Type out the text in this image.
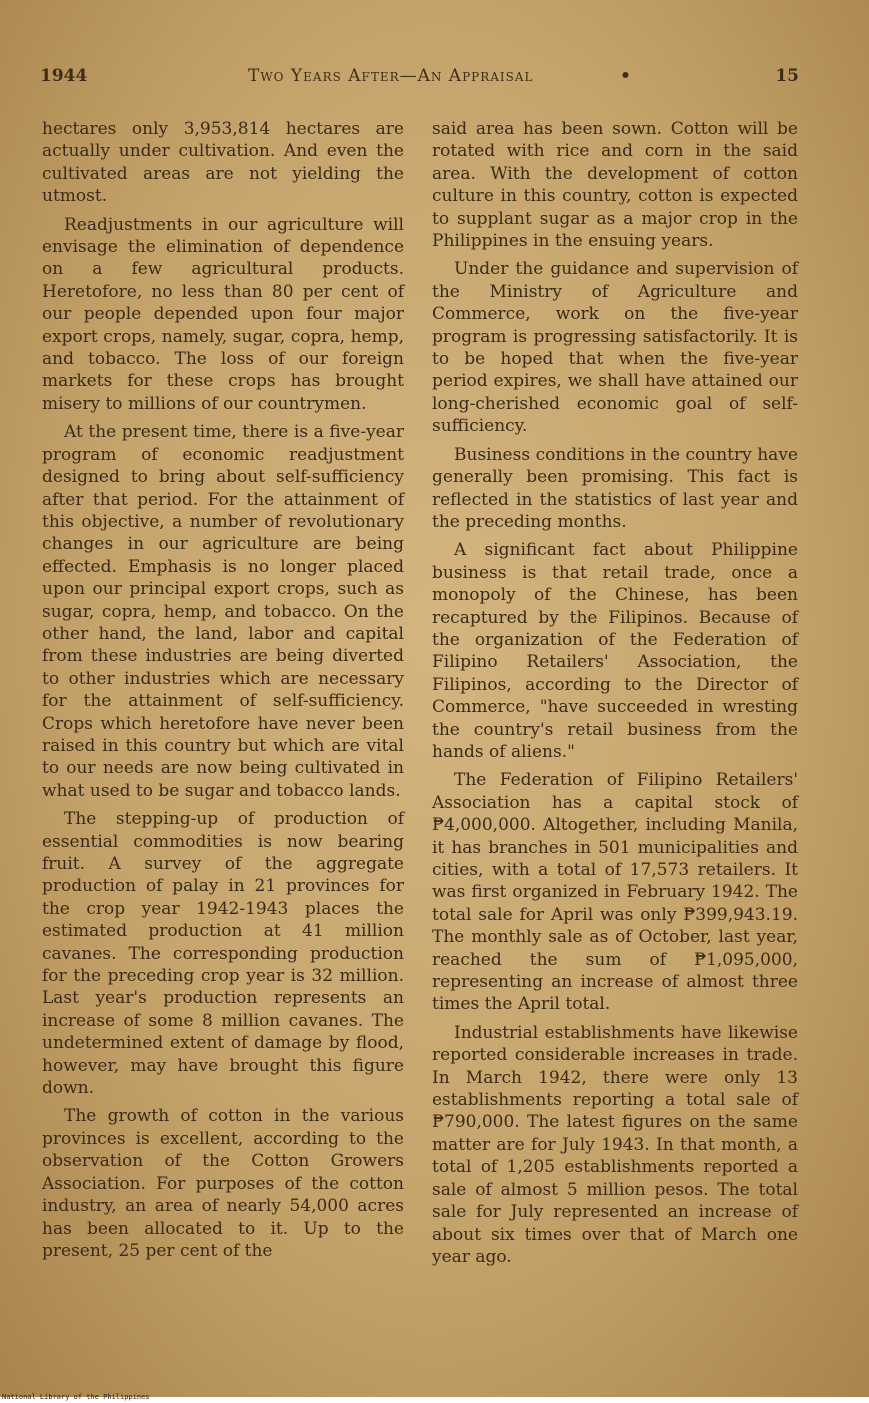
1944	Two Years After—An Appraisal	•	15

hectares only 3,953,814 hectares are actually under cultivation. And even the cultivated areas are not yielding the utmost.

Readjustments in our agriculture will envisage the elimination of dependence on a few agricultural products. Heretofore, no less than 80 per cent of our people depended upon four major export crops, namely, sugar, copra, hemp, and tobacco. The loss of our foreign markets for these crops has brought misery to millions of our countrymen.

At the present time, there is a five-year program of economic readjustment designed to bring about self-sufficiency after that period. For the attainment of this objective, a number of revolutionary changes in our agriculture are being effected. Emphasis is no longer placed upon our principal export crops, such as sugar, copra, hemp, and tobacco. On the other hand, the land, labor and capital from these industries are being diverted to other industries which are necessary for the attainment of self-sufficiency. Crops which heretofore have never been raised in this country but which are vital to our needs are now being cultivated in what used to be sugar and tobacco lands.

The stepping-up of production of essential commodities is now bearing fruit. A survey of the aggregate production of palay in 21 provinces for the crop year 1942-1943 places the estimated production at 41 million cavanes. The corresponding production for the preceding crop year is 32 million. Last year's production represents an increase of some 8 million cavanes. The undetermined extent of damage by flood, however, may have brought this figure down.

The growth of cotton in the various provinces is excellent, according to the observation of the Cotton Growers Association. For purposes of the cotton industry, an area of nearly 54,000 acres has been allocated to it. Up to the present, 25 per cent of the

said area has been sown. Cotton will be rotated with rice and corn in the said area. With the development of cotton culture in this country, cotton is expected to supplant sugar as a major crop in the Philippines in the ensuing years.

Under the guidance and supervision of the Ministry of Agriculture and Commerce, work on the five-year program is progressing satisfactorily. It is to be hoped that when the five-year period expires, we shall have attained our long-cherished economic goal of self-sufficiency.

Business conditions in the country have generally been promising. This fact is reflected in the statistics of last year and the preceding months.

A significant fact about Philippine business is that retail trade, once a monopoly of the Chinese, has been recaptured by the Filipinos. Because of the organization of the Federation of Filipino Retailers' Association, the Filipinos, according to the Director of Commerce, "have succeeded in wresting the country's retail business from the hands of aliens."

The Federation of Filipino Retailers' Association has a capital stock of ₱4,000,000. Altogether, including Manila, it has branches in 501 municipalities and cities, with a total of 17,573 retailers. It was first organized in February 1942. The total sale for April was only ₱399,943.19. The monthly sale as of October, last year, reached the sum of ₱1,095,000, representing an increase of almost three times the April total.

Industrial establishments have likewise reported considerable increases in trade. In March 1942, there were only 13 establishments reporting a total sale of ₱790,000. The latest figures on the same matter are for July 1943. In that month, a total of 1,205 establishments reported a sale of almost 5 million pesos. The total sale for July represented an increase of about six times over that of March one year ago.

National Library of the Philippines
